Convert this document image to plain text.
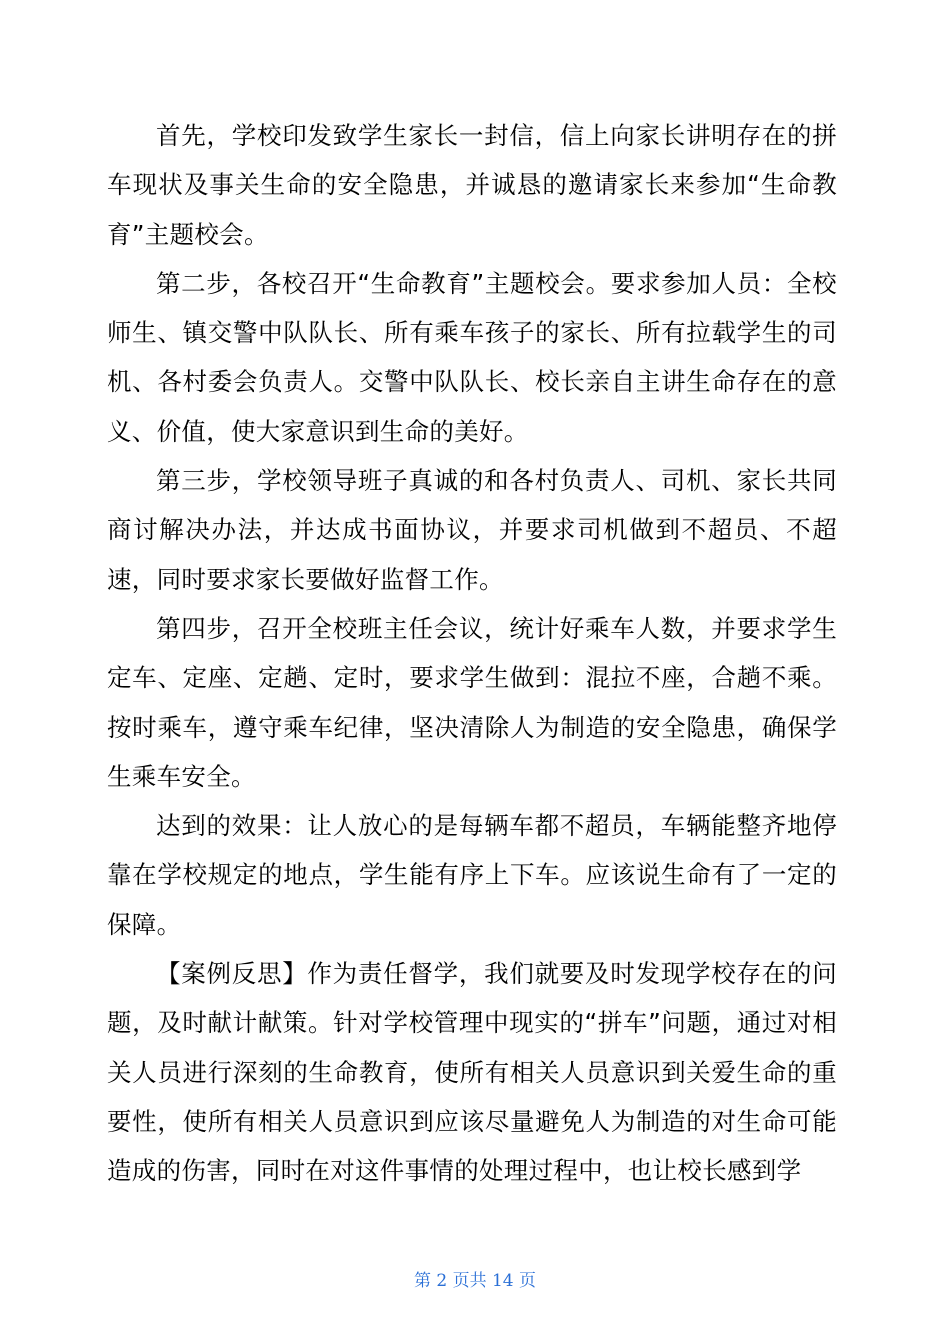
首先，学校印发致学生家长一封信，信上向家长讲明存在的拼车现状及事关生命的安全隐患，并诚恳的邀请家长来参加“生命教育”主题校会。

第二步，各校召开“生命教育”主题校会。要求参加人员：全校师生、镇交警中队队长、所有乘车孩子的家长、所有拉载学生的司机、各村委会负责人。交警中队队长、校长亲自主讲生命存在的意义、价值，使大家意识到生命的美好。

第三步，学校领导班子真诚的和各村负责人、司机、家长共同商讨解决办法，并达成书面协议，并要求司机做到不超员、不超速，同时要求家长要做好监督工作。

第四步，召开全校班主任会议，统计好乘车人数，并要求学生定车、定座、定趟、定时，要求学生做到：混拉不座，合趟不乘。按时乘车，遵守乘车纪律，坚决清除人为制造的安全隐患，确保学生乘车安全。

达到的效果：让人放心的是每辆车都不超员，车辆能整齐地停靠在学校规定的地点，学生能有序上下车。应该说生命有了一定的保障。

【案例反思】作为责任督学，我们就要及时发现学校存在的问题，及时献计献策。针对学校管理中现实的“拼车”问题，通过对相关人员进行深刻的生命教育，使所有相关人员意识到关爱生命的重要性，使所有相关人员意识到应该尽量避免人为制造的对生命可能造成的伤害，同时在对这件事情的处理过程中，也让校长感到学

第 2 页共 14 页
